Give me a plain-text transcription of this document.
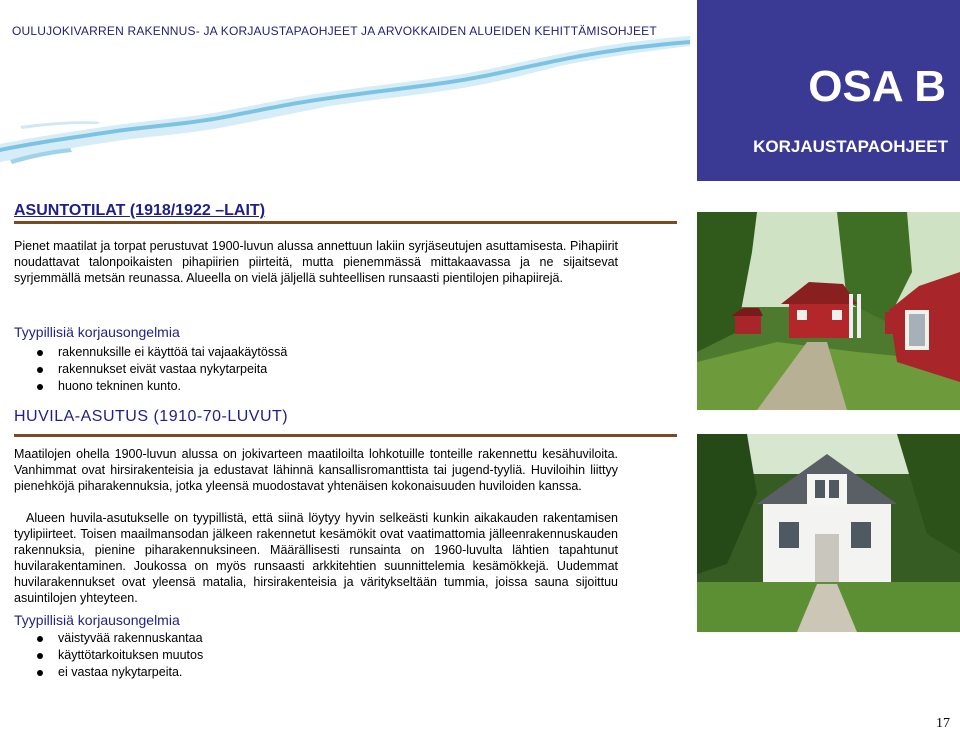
OULUJOKIVARREN RAKENNUS- JA KORJAUSTAPAOHJEET JA ARVOKKAIDEN ALUEIDEN KEHITTÄMISOHJEET
OSA B
KORJAUSTAPAOHJEET
ASUNTOTILAT (1918/1922 –LAIT)

Pienet maatilat ja torpat perustuvat 1900-luvun alussa annettuun lakiin syrjäseutujen asuttamisesta. Pihapiirit noudattavat talonpoikaisten pihapiirien piirteitä, mutta pienemmässä mittakaavassa ja ne sijaitsevat syrjemmällä metsän reunassa. Alueella on vielä jäljellä suhteellisen runsaasti pientilojen pihapiirejä.

Tyypillisiä korjausongelmia
rakennuksille ei käyttöä tai vajaakäytössä
rakennukset eivät vastaa nykytarpeita
huono tekninen kunto.
HUVILA-ASUTUS (1910-70-LUVUT)

Maatilojen ohella 1900-luvun alussa on jokivarteen maatiloilta lohkotuille tonteille rakennettu kesähuviloita. Vanhimmat ovat hirsirakenteisia ja edustavat lähinnä kansallisromanttista tai jugend-tyyliä. Huviloihin liittyy pienehköjä piharakennuksia, jotka yleensä muodostavat yhtenäisen kokonaisuuden huviloiden kanssa.

Alueen huvila-asutukselle on tyypillistä, että siinä löytyy hyvin selkeästi kunkin aikakauden rakentamisen tyylipiirteet. Toisen maailmansodan jälkeen rakennetut kesämökit ovat vaatimattomia jälleenrakennuskauden rakennuksia, pienine piharakennuksineen. Määrällisesti runsainta on 1960-luvulta lähtien tapahtunut huvilarakentaminen. Joukossa on myös runsaasti arkkitehtien suunnittelemia kesämökkejä. Uudemmat huvilarakennukset ovat yleensä matalia, hirsirakenteisia ja väritykseltään tummia, joissa sauna sijoittuu asuintilojen yhteyteen.

Tyypillisiä korjausongelmia
väistyvää rakennuskantaa
käyttötarkoituksen muutos
ei vastaa nykytarpeita.
17
